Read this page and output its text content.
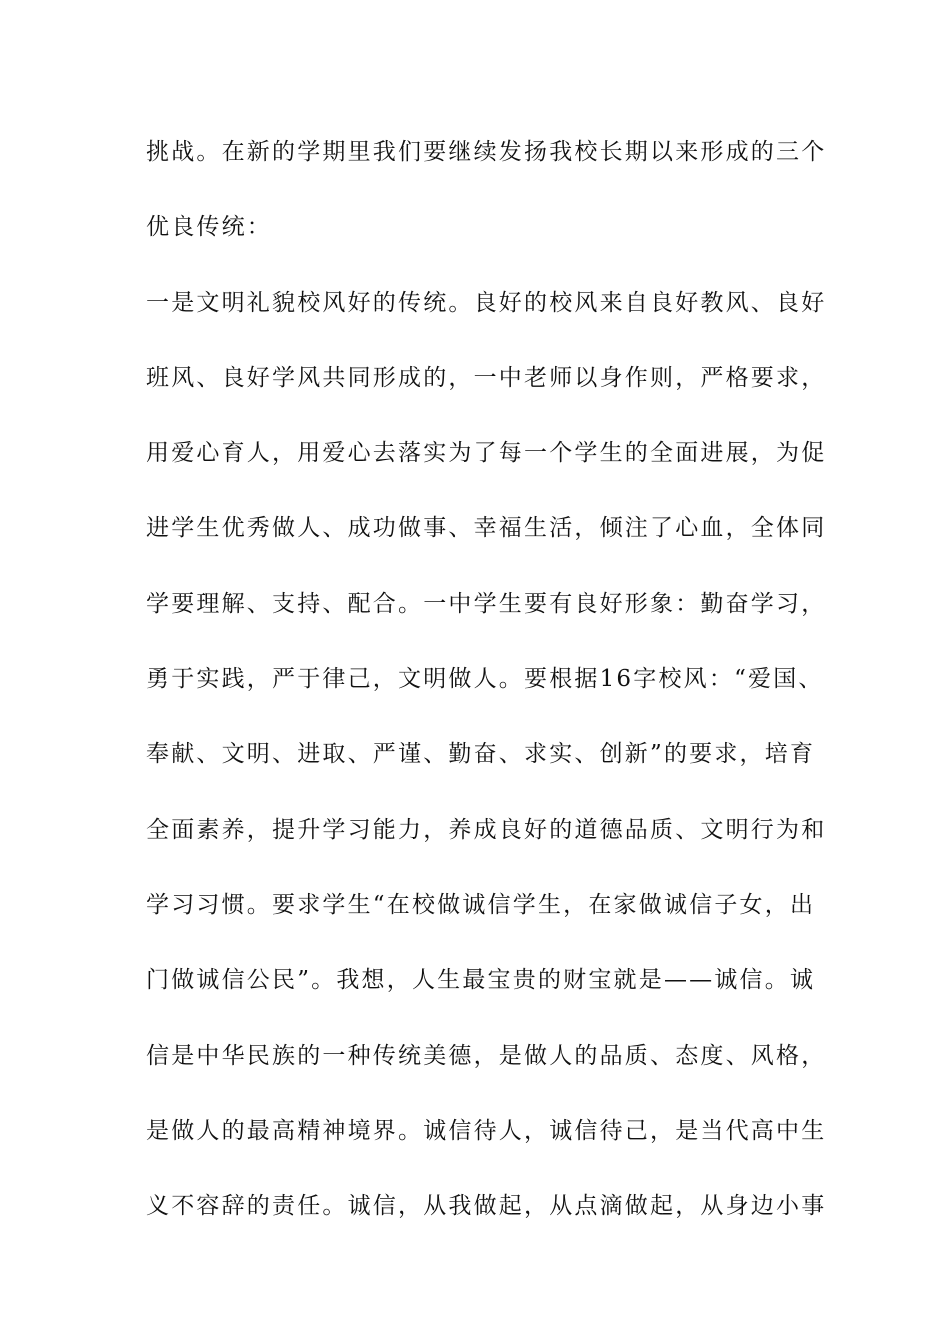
挑战。在新的学期里我们要继续发扬我校长期以来形成的三个
优良传统：
一是文明礼貌校风好的传统。良好的校风来自良好教风、良好
班风、良好学风共同形成的，一中老师以身作则，严格要求，
用爱心育人，用爱心去落实为了每一个学生的全面进展，为促
进学生优秀做人、成功做事、幸福生活，倾注了心血，全体同
学要理解、支持、配合。一中学生要有良好形象：勤奋学习，
勇于实践，严于律己，文明做人。要根据16字校风：“爱国、
奉献、文明、进取、严谨、勤奋、求实、创新”的要求，培育
全面素养，提升学习能力，养成良好的道德品质、文明行为和
学习习惯。要求学生“在校做诚信学生，在家做诚信子女，出
门做诚信公民”。我想，人生最宝贵的财宝就是——诚信。诚
信是中华民族的一种传统美德，是做人的品质、态度、风格，
是做人的最高精神境界。诚信待人，诚信待己，是当代高中生
义不容辞的责任。诚信，从我做起，从点滴做起，从身边小事
